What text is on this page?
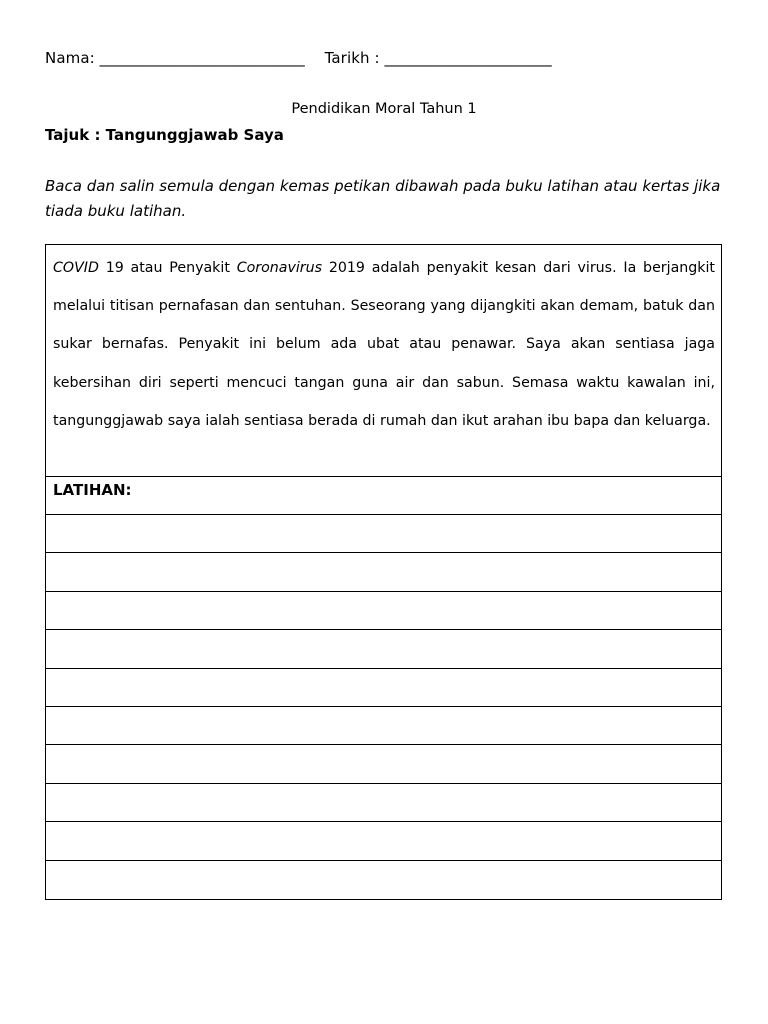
Nama: ___________________________ Tarikh : ______________________
Pendidikan Moral Tahun 1
Tajuk : Tangunggjawab Saya
Baca dan salin semula dengan kemas petikan dibawah pada buku latihan atau kertas jika tiada buku latihan.
COVID 19 atau Penyakit Coronavirus 2019 adalah penyakit kesan dari virus. Ia berjangkit melalui titisan pernafasan dan sentuhan. Seseorang yang dijangkiti akan demam, batuk dan sukar bernafas. Penyakit ini belum ada ubat atau penawar. Saya akan sentiasa jaga kebersihan diri seperti mencuci tangan guna air dan sabun. Semasa waktu kawalan ini, tangunggjawab saya ialah sentiasa berada di rumah dan ikut arahan ibu bapa dan keluarga.
LATIHAN:
